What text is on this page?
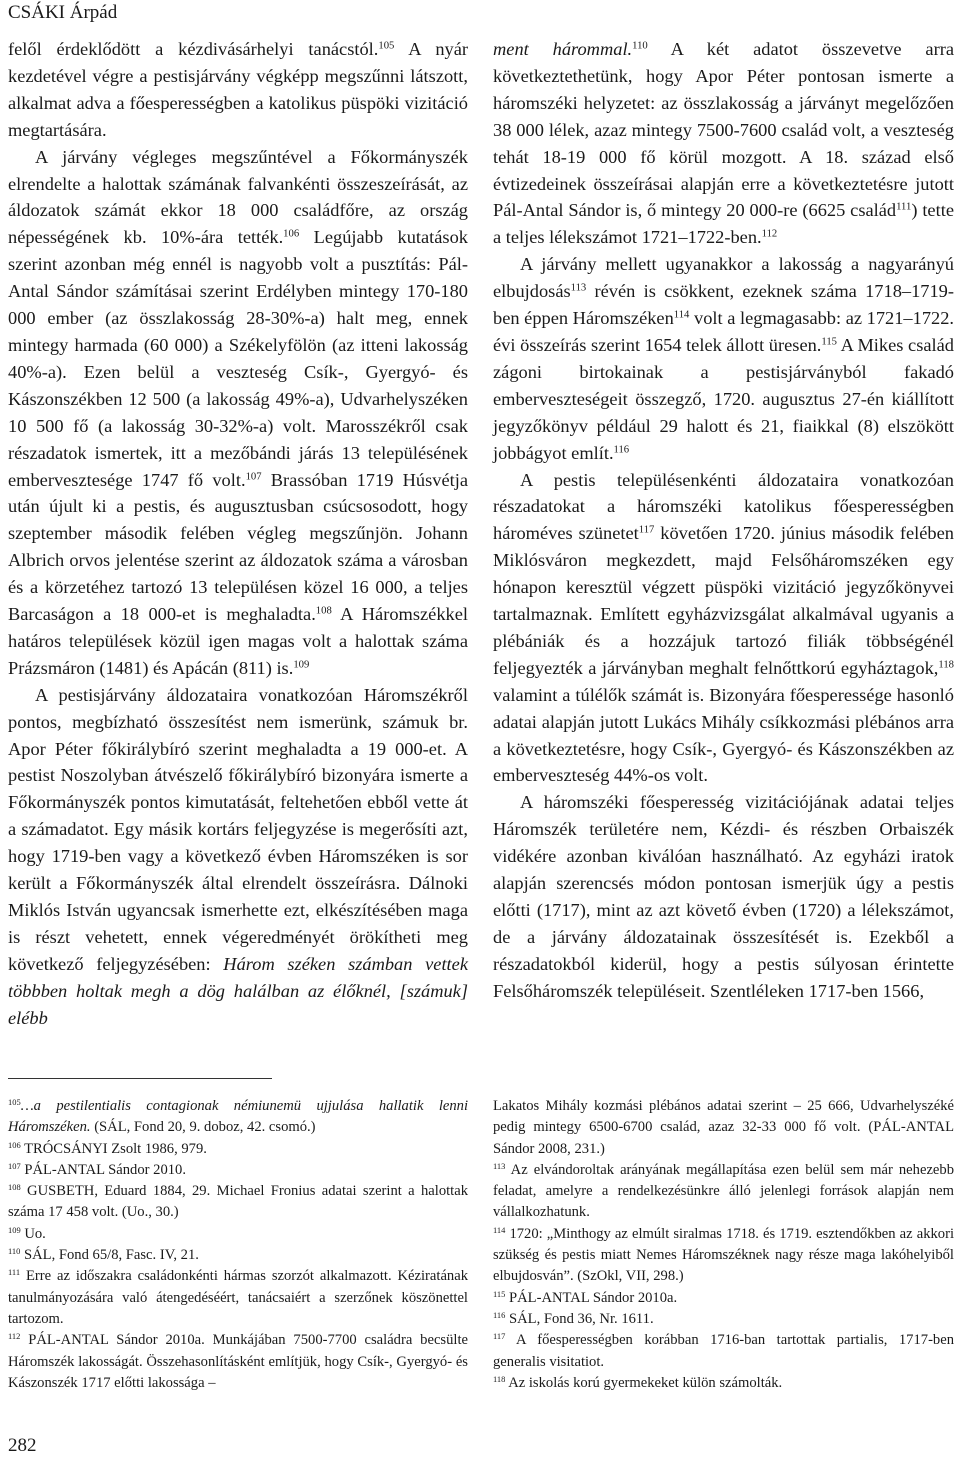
CSÁKI Árpád

felől érdeklődött a kézdivásárhelyi tanácstól.$^{105}$ A nyár kezdetével végre a pestisjárvány végképp megszűnni látszott, alkalmat adva a főesperességben a katolikus püspöki vizitáció megtartására.

A járvány végleges megszűntével a Főkormányszék elrendelte a halottak számának falvankénti összeszeírását, az áldozatok számát ekkor 18 000 családfőre, az ország népességének kb. 10%-ára tették.$^{106}$ Legújabb kutatások szerint azonban még ennél is nagyobb volt a pusztítás: Pál-Antal Sándor számításai szerint Erdélyben mintegy 170-180 000 ember (az összlakosság 28-30%-a) halt meg, ennek mintegy harmada (60 000) a Székelyfölön (az itteni lakosság 40%-a). Ezen belül a veszteség Csík-, Gyergyó- és Kászonszékben 12 500 (a lakosság 49%-a), Udvarhelyszéken 10 500 fő (a lakosság 30-32%-a) volt. Marosszékről csak részadatok ismertek, itt a mezőbándi járás 13 településének embervesztesége 1747 fő volt.$^{107}$ Brassóban 1719 Húsvétja után újult ki a pestis, és augusztusban csúcsosodott, hogy szeptember második felében végleg megszűnjön. Johann Albrich orvos jelentése szerint az áldozatok száma a városban és a körzetéhez tartozó 13 településen közel 16 000, a teljes Barcaságon a 18 000-et is meghaladta.$^{108}$ A Háromszékkel határos települések közül igen magas volt a halottak száma Prázsmáron (1481) és Apácán (811) is.$^{109}$

A pestisjárvány áldozataira vonatkozóan Háromszékről pontos, megbízható összesítést nem ismerünk, számuk br. Apor Péter főkirálybíró szerint meghaladta a 19 000-et. A pestist Noszolyban átvészelő főkirálybíró bizonyára ismerte a Főkormányszék pontos kimutatását, feltehetően ebből vette át a számadatot. Egy másik kortárs feljegyzése is megerősíti azt, hogy 1719-ben vagy a következő évben Háromszéken is sor került a Főkormányszék által elrendelt összeírásra. Dálnoki Miklós István ugyancsak ismerhette ezt, elkészítésében maga is részt vehetett, ennek végeredményét örökítheti meg következő feljegyzésében: Három széken számban vettek többben holtak megh a dög halálban az élőknél, [számuk] elébb

ment hárommal.$^{110}$ A két adatot összevetve arra következtethetünk, hogy Apor Péter pontosan ismerte a háromszéki helyzetet: az összlakosság a járványt megelőzően 38 000 lélek, azaz mintegy 7500-7600 család volt, a veszteség tehát 18-19 000 fő körül mozgott. A 18. század első évtizedeinek összeírásai alapján erre a következtetésre jutott Pál-Antal Sándor is, ő mintegy 20 000-re (6625 család$^{111}$) tette a teljes lélekszámot 1721–1722-ben.$^{112}$

A járvány mellett ugyanakkor a lakosság a nagyarányú elbujdosás$^{113}$ révén is csökkent, ezeknek száma 1718–1719-ben éppen Háromszéken$^{114}$ volt a legmagasabb: az 1721–1722. évi összeírás szerint 1654 telek állott üresen.$^{115}$ A Mikes család zágoni birtokainak a pestisjárványból fakadó emberveszteségeit összegző, 1720. augusztus 27-én kiállított jegyzőkönyv például 29 halott és 21, fiaikkal (8) elszökött jobbágyot említ.$^{116}$

A pestis településenkénti áldozataira vonatkozóan részadatokat a háromszéki katolikus főesperességben hároméves szünetet$^{117}$ követően 1720. június második felében Miklósváron megkezdett, majd Felsőháromszéken egy hónapon keresztül végzett püspöki vizitáció jegyzőkönyvei tartalmaznak. Említett egyházvizsgálat alkalmával ugyanis a plébániák és a hozzájuk tartozó filiák többségénél feljegyezték a járványban meghalt felnőttkorú egyháztagok,$^{118}$ valamint a túlélők számát is. Bizonyára főesperessége hasonló adatai alapján jutott Lukács Mihály csíkkozmási plébános arra a következtetésre, hogy Csík-, Gyergyó- és Kászonszékben az emberveszteség 44%-os volt.

A háromszéki főesperesség vizitációjának adatai teljes Háromszék területére nem, Kézdi- és részben Orbaiszék vidékére azonban kiválóan használható. Az egyházi iratok alapján szerencsés módon pontosan ismerjük úgy a pestis előtti (1717), mint az azt követő évben (1720) a lélekszámot, de a járvány áldozatainak összesítését is. Ezekből a részadatokból kiderül, hogy a pestis súlyosan érintette Felsőháromszék településeit. Szentléleken 1717-ben 1566,

$^{105}$…a pestilentialis contagionak némiunemü ujjulása hallatik lenni Háromszéken. (SÁL, Fond 20, 9. doboz, 42. csomó.)
$^{106}$ TRÓCSÁNYI Zsolt 1986, 979.
$^{107}$ PÁL-ANTAL Sándor 2010.
$^{108}$ GUSBETH, Eduard 1884, 29. Michael Fronius adatai szerint a halottak száma 17 458 volt. (Uo., 30.)
$^{109}$ Uo.
$^{110}$ SÁL, Fond 65/8, Fasc. IV, 21.
$^{111}$ Erre az időszakra családonkénti hármas szorzót alkalmazott. Kéziratának tanulmányozására való átengedéséért, tanácsaiért a szerzőnek köszönettel tartozom.
$^{112}$ PÁL-ANTAL Sándor 2010a. Munkájában 7500-7700 családra becsülte Háromszék lakosságát. Összehasonlításként említjük, hogy Csík-, Gyergyó- és Kászonszék 1717 előtti lakossága –
Lakatos Mihály kozmási plébános adatai szerint – 25 666, Udvarhelyszéké pedig mintegy 6500-6700 család, azaz 32-33 000 fő volt. (PÁL-ANTAL Sándor 2008, 231.)
$^{113}$ Az elvándoroltak arányának megállapítása ezen belül sem már nehezebb feladat, amelyre a rendelkezésünkre álló jelenlegi források alapján nem vállalkozhatunk.
$^{114}$ 1720: „Minthogy az elmúlt siralmas 1718. és 1719. esztendőkben az akkori szükség és pestis miatt Nemes Háromszéknek nagy része maga lakóhelyiből elbujdosván”. (SzOkl, VII, 298.)
$^{115}$ PÁL-ANTAL Sándor 2010a.
$^{116}$ SÁL, Fond 36, Nr. 1611.
$^{117}$ A főesperességben korábban 1716-ban tartottak partialis, 1717-ben generalis visitatiot.
$^{118}$ Az iskolás korú gyermekeket külön számolták.
282
